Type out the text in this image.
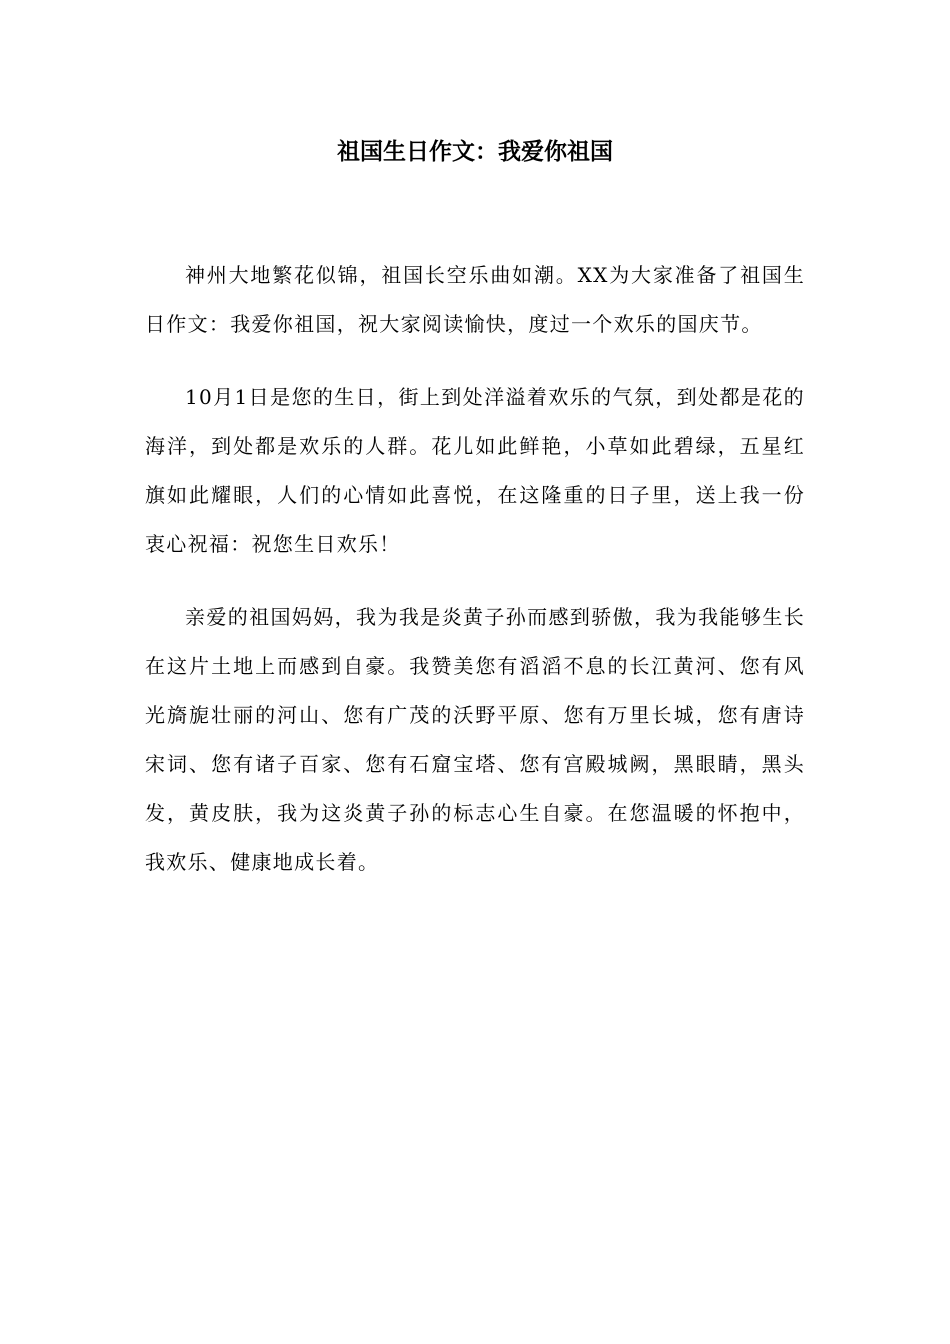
祖国生日作文：我爱你祖国

神州大地繁花似锦，祖国长空乐曲如潮。XX为大家准备了祖国生日作文：我爱你祖国，祝大家阅读愉快，度过一个欢乐的国庆节。

10月1日是您的生日，街上到处洋溢着欢乐的气氛，到处都是花的海洋，到处都是欢乐的人群。花儿如此鲜艳，小草如此碧绿，五星红旗如此耀眼，人们的心情如此喜悦，在这隆重的日子里，送上我一份衷心祝福：祝您生日欢乐！

亲爱的祖国妈妈，我为我是炎黄子孙而感到骄傲，我为我能够生长在这片土地上而感到自豪。我赞美您有滔滔不息的长江黄河、您有风光旖旎壮丽的河山、您有广茂的沃野平原、您有万里长城，您有唐诗宋词、您有诸子百家、您有石窟宝塔、您有宫殿城阙，黑眼睛，黑头发，黄皮肤，我为这炎黄子孙的标志心生自豪。在您温暖的怀抱中，我欢乐、健康地成长着。
